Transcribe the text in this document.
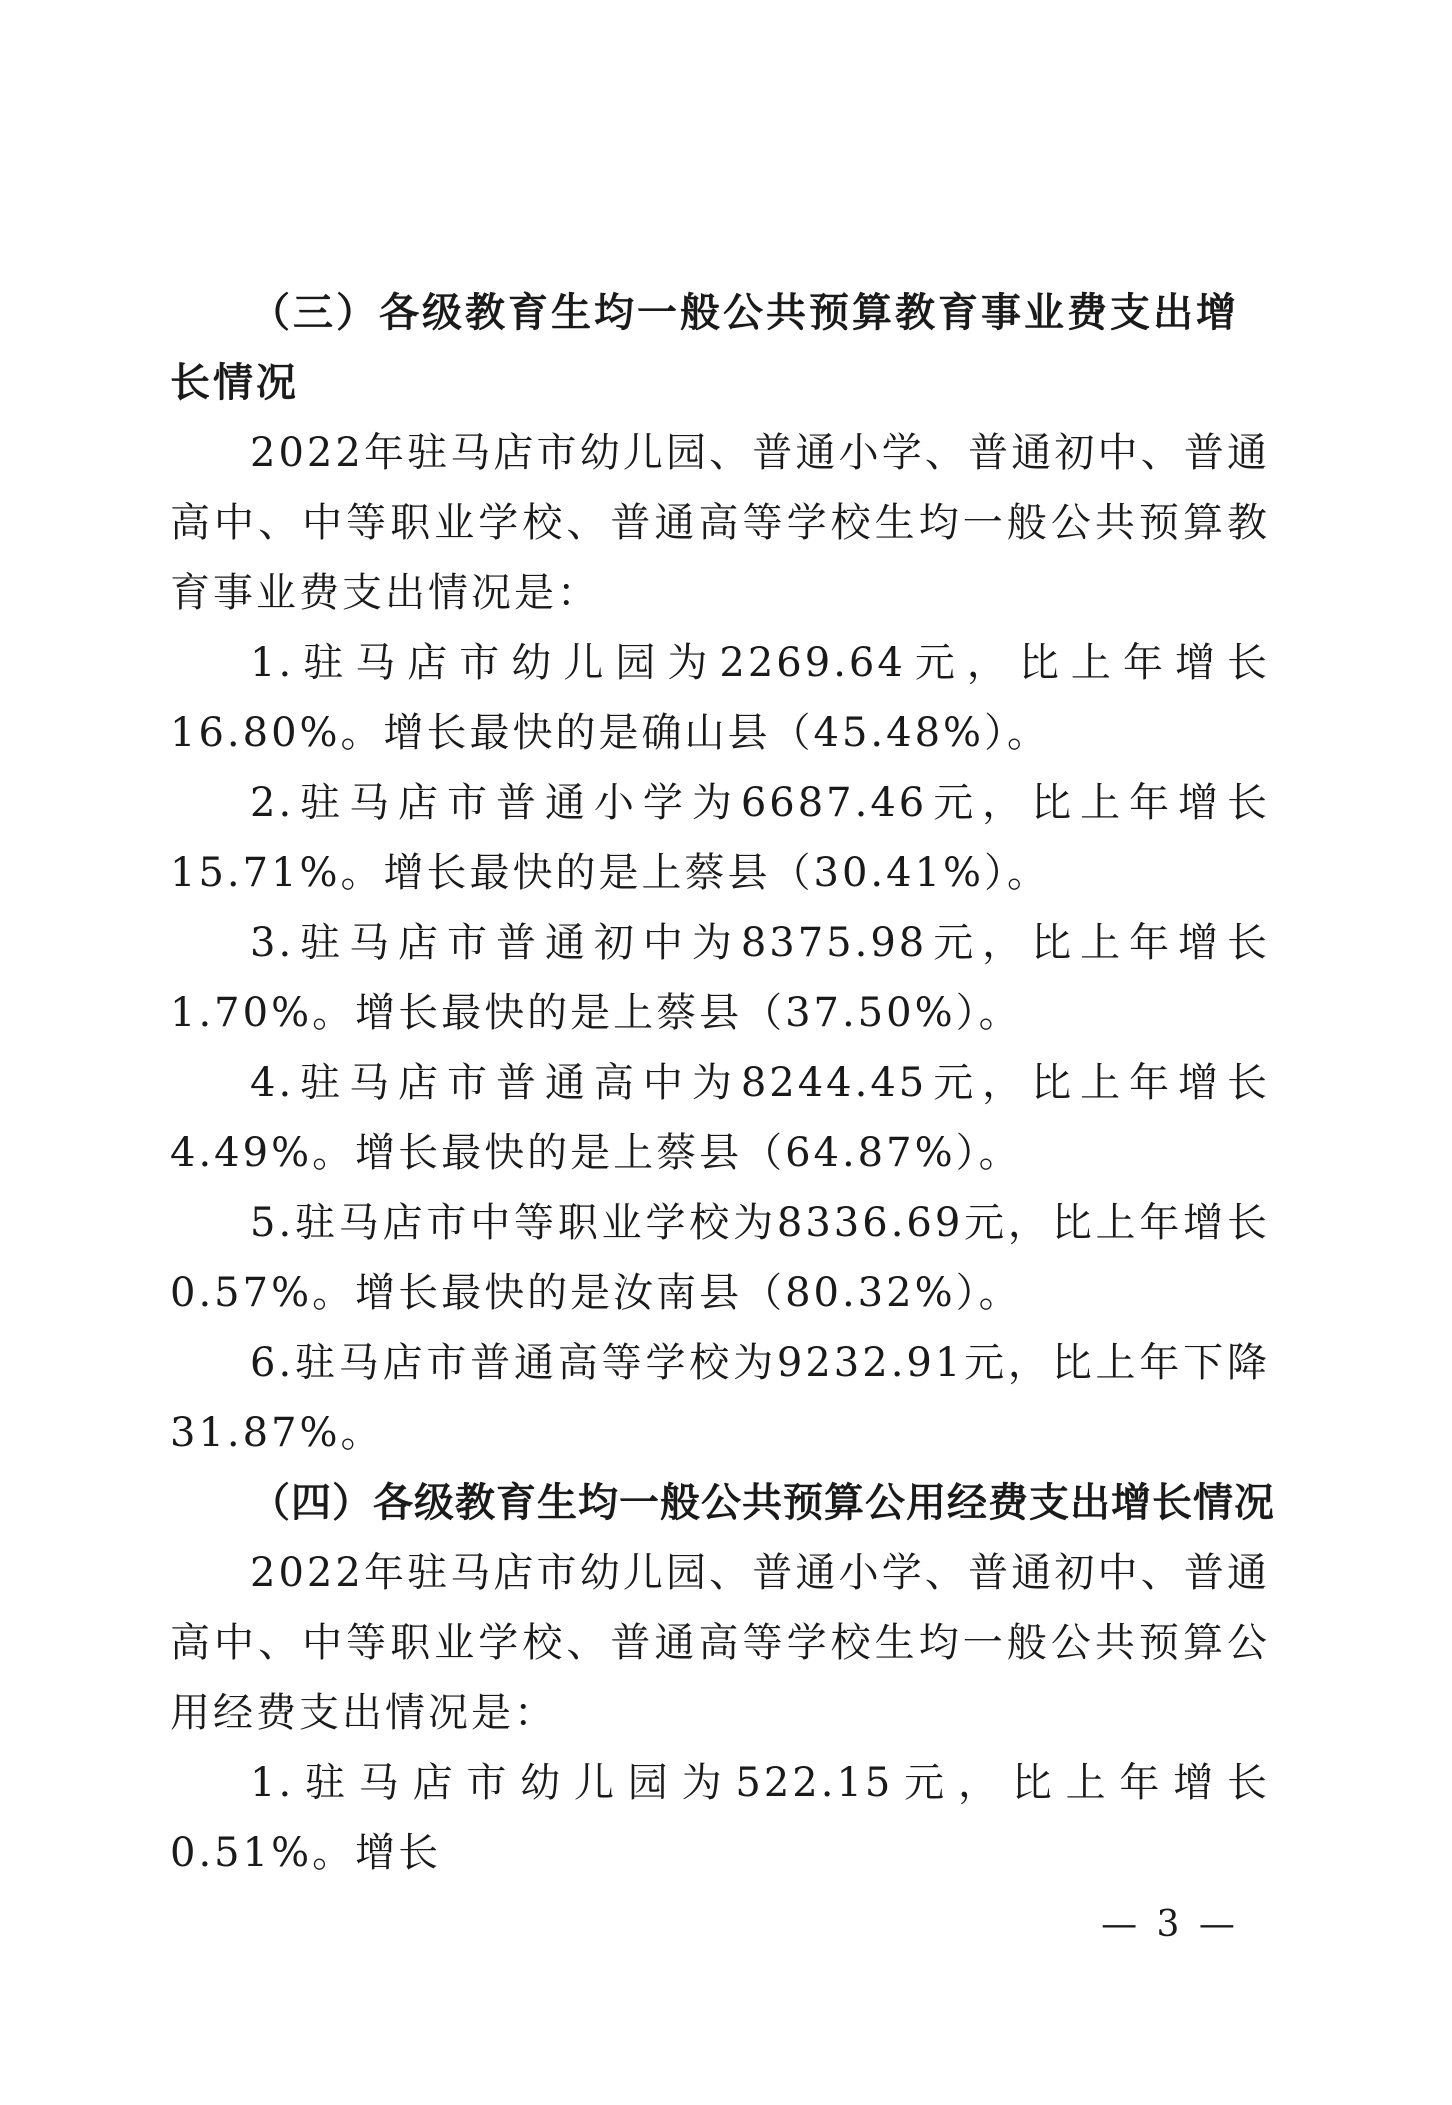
（三）各级教育生均一般公共预算教育事业费支出增长情况

2022年驻马店市幼儿园、普通小学、普通初中、普通高中、中等职业学校、普通高等学校生均一般公共预算教育事业费支出情况是：

1.驻马店市幼儿园为2269.64元，比上年增长16.80%。增长最快的是确山县（45.48%）。

2.驻马店市普通小学为6687.46元，比上年增长15.71%。增长最快的是上蔡县（30.41%）。

3.驻马店市普通初中为8375.98元，比上年增长1.70%。增长最快的是上蔡县（37.50%）。

4.驻马店市普通高中为8244.45元，比上年增长4.49%。增长最快的是上蔡县（64.87%）。

5.驻马店市中等职业学校为8336.69元，比上年增长0.57%。增长最快的是汝南县（80.32%）。

6.驻马店市普通高等学校为9232.91元，比上年下降31.87%。

（四）各级教育生均一般公共预算公用经费支出增长情况

2022年驻马店市幼儿园、普通小学、普通初中、普通高中、中等职业学校、普通高等学校生均一般公共预算公用经费支出情况是：

1.驻马店市幼儿园为522.15元，比上年增长0.51%。增长

— 3 —
